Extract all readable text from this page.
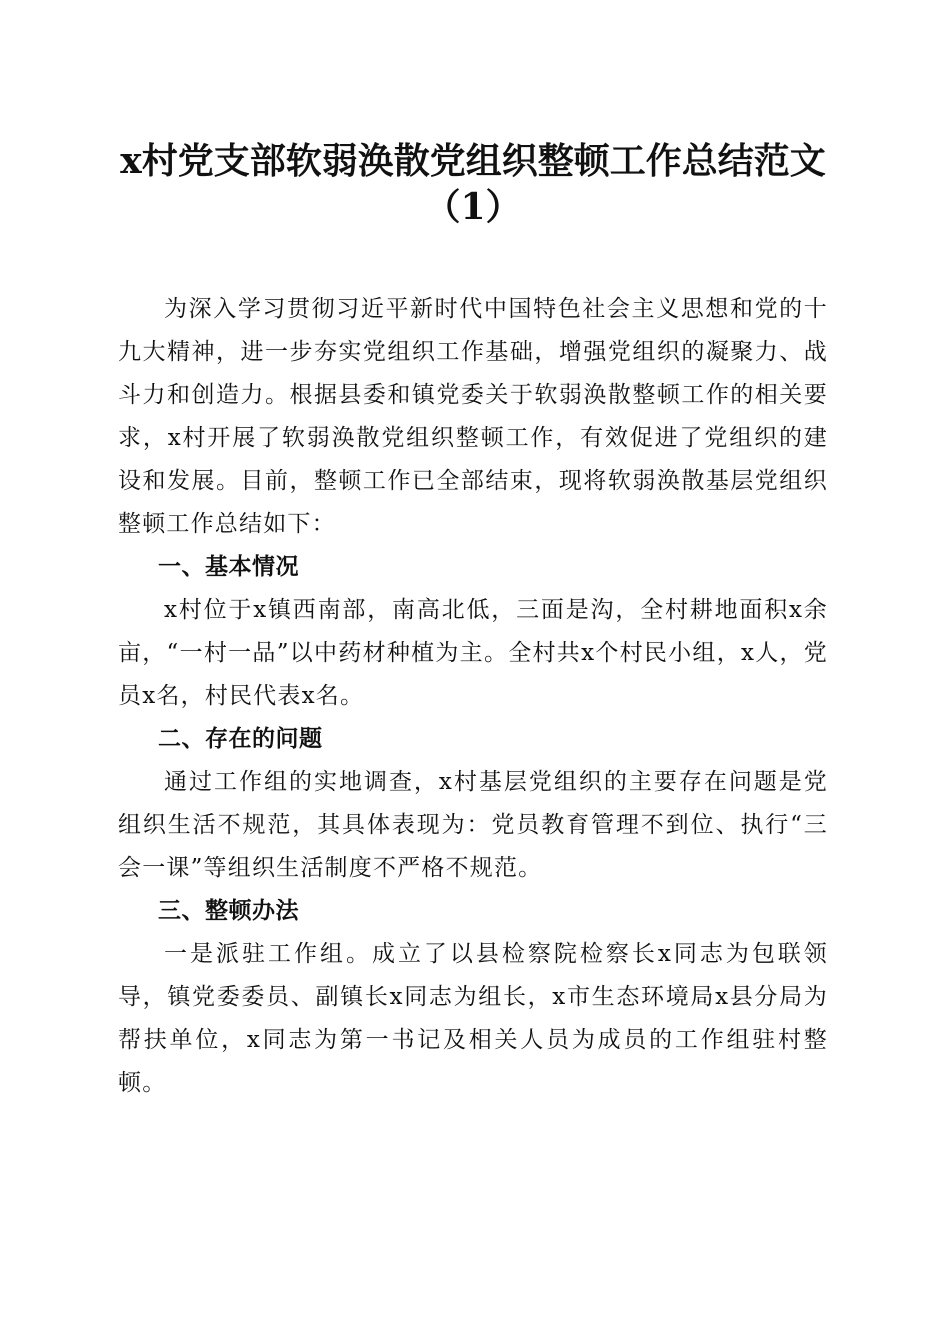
x村党支部软弱涣散党组织整顿工作总结范文
（1）

为深入学习贯彻习近平新时代中国特色社会主义思想和党的十九大精神，进一步夯实党组织工作基础，增强党组织的凝聚力、战斗力和创造力。根据县委和镇党委关于软弱涣散整顿工作的相关要求，x村开展了软弱涣散党组织整顿工作，有效促进了党组织的建设和发展。目前，整顿工作已全部结束，现将软弱涣散基层党组织整顿工作总结如下：

一、基本情况

x村位于x镇西南部，南高北低，三面是沟，全村耕地面积x余亩，“一村一品”以中药材种植为主。全村共x个村民小组，x人，党员x名，村民代表x名。

二、存在的问题

通过工作组的实地调查，x村基层党组织的主要存在问题是党组织生活不规范，其具体表现为：党员教育管理不到位、执行“三会一课”等组织生活制度不严格不规范。

三、整顿办法

一是派驻工作组。成立了以县检察院检察长x同志为包联领导，镇党委委员、副镇长x同志为组长，x市生态环境局x县分局为帮扶单位，x同志为第一书记及相关人员为成员的工作组驻村整顿。
